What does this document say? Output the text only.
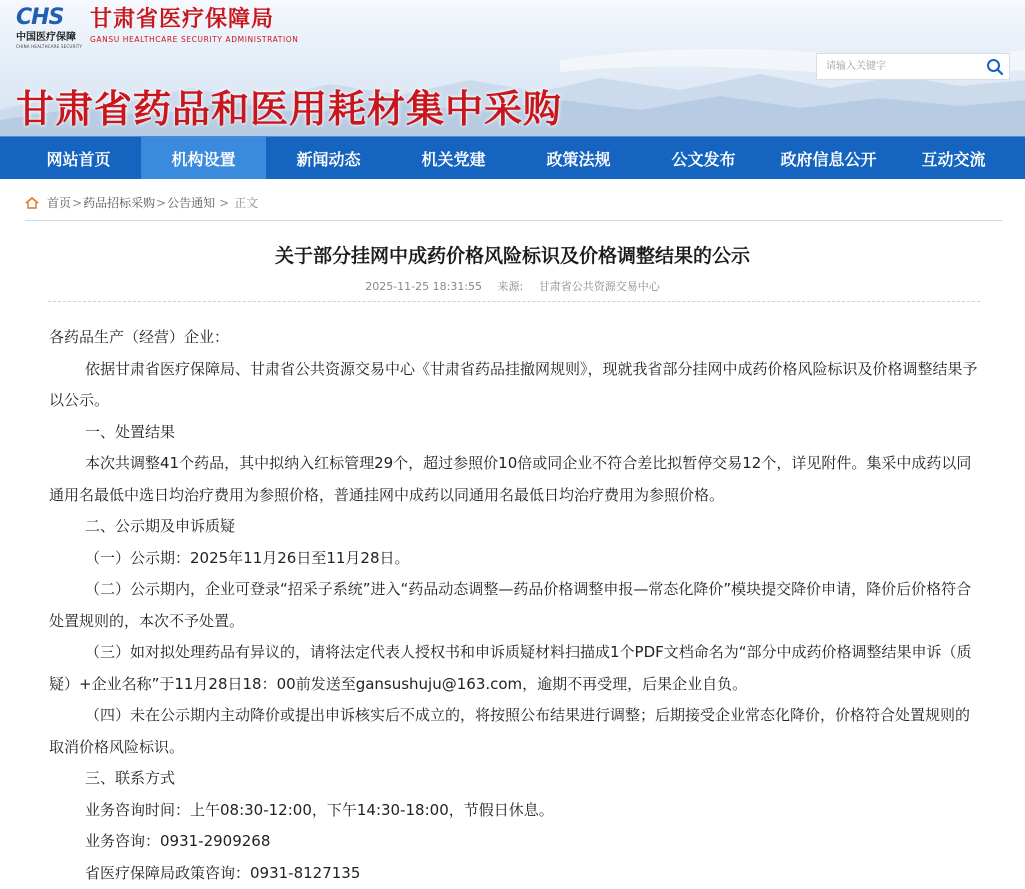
CHS
中国医疗保障
CHINA HEALTHCARE SECURITY
甘肃省医疗保障局
GANSU HEALTHCARE SECURITY ADMINISTRATION
甘肃省药品和医用耗材集中采购
请输入关键字
网站首页	机构设置	新闻动态	机关党建	政策法规	公文发布	政府信息公开	互动交流
首页 > 药品招标采购 > 公告通知 > 正文
关于部分挂网中成药价格风险标识及价格调整结果的公示
2025-11-25 18:31:55 来源: 甘肃省公共资源交易中心

各药品生产（经营）企业：

依据甘肃省医疗保障局、甘肃省公共资源交易中心《甘肃省药品挂撤网规则》，现就我省部分挂网中成药价格风险标识及价格调整结果予以公示。

一、处置结果

本次共调整41个药品，其中拟纳入红标管理29个，超过参照价10倍或同企业不符合差比拟暂停交易12个，详见附件。集采中成药以同通用名最低中选日均治疗费用为参照价格，普通挂网中成药以同通用名最低日均治疗费用为参照价格。

二、公示期及申诉质疑

（一）公示期：2025年11月26日至11月28日。

（二）公示期内，企业可登录“招采子系统”进入“药品动态调整—药品价格调整申报—常态化降价”模块提交降价申请，降价后价格符合处置规则的，本次不予处置。

（三）如对拟处理药品有异议的，请将法定代表人授权书和申诉质疑材料扫描成1个PDF文档命名为“部分中成药价格调整结果申诉（质疑）+企业名称”于11月28日18：00前发送至gansushuju@163.com，逾期不再受理，后果企业自负。

（四）未在公示期内主动降价或提出申诉核实后不成立的，将按照公布结果进行调整；后期接受企业常态化降价，价格符合处置规则的取消价格风险标识。

三、联系方式

业务咨询时间：上午08:30-12:00，下午14:30-18:00，节假日休息。

业务咨询：0931-2909268

省医疗保障局政策咨询：0931-8127135
